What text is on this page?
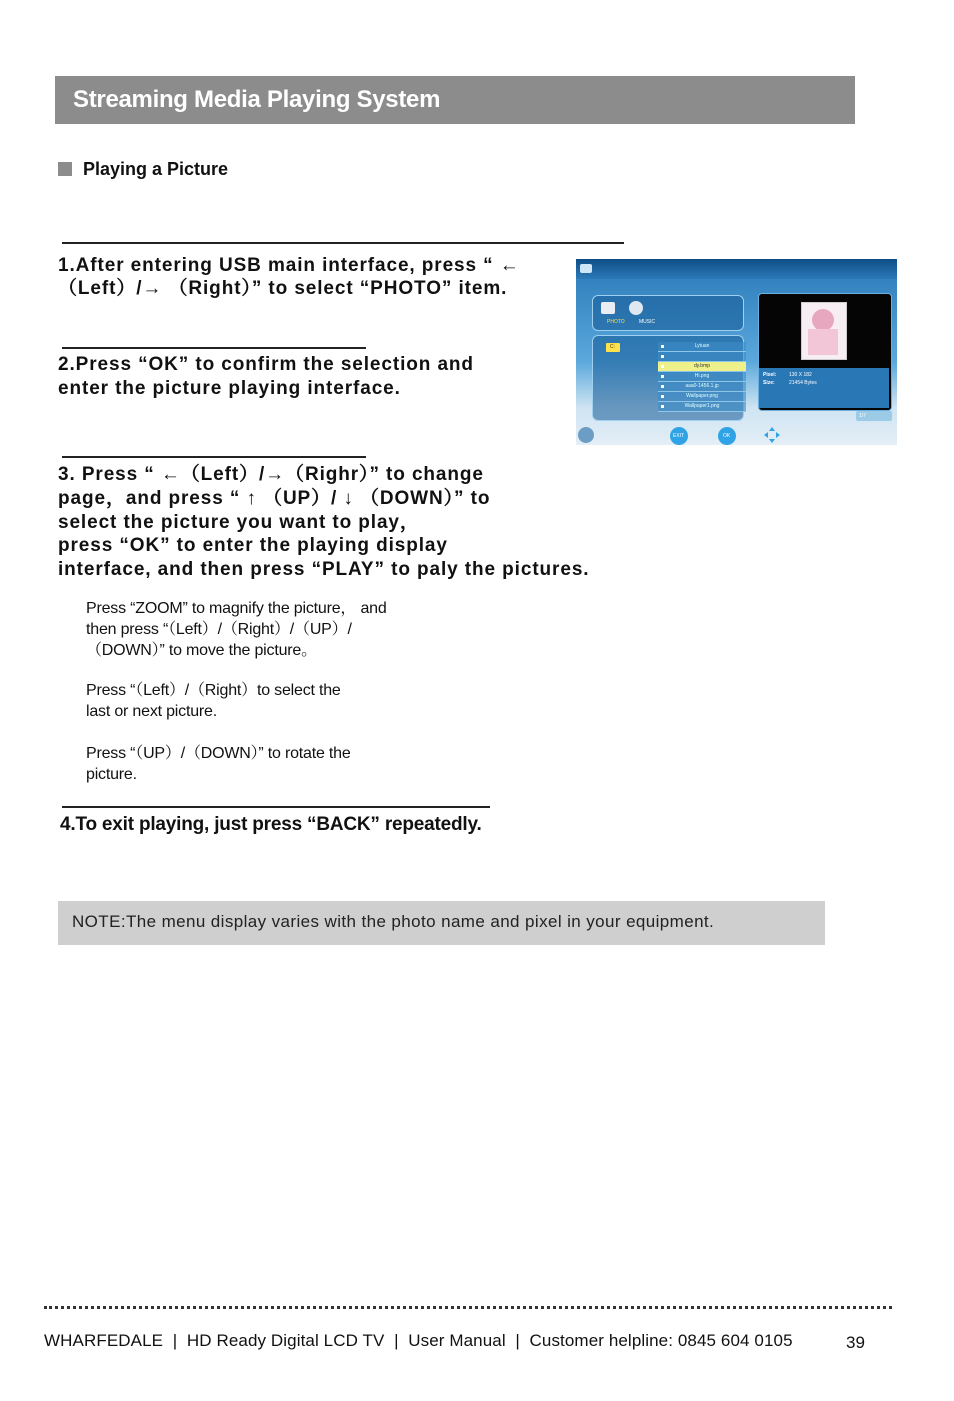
Streaming Media Playing System
Playing a Picture
1.After entering USB main interface, press “ ←
（Left）/→ （Right）” to select “PHOTO” item.
2.Press “OK” to confirm the selection and
enter the picture playing interface.
3. Press “ ←（Left）/→（Righr）” to change
page，and press “ ↑ （UP）/ ↓ （DOWN）” to
select the picture you want to play，
press “OK” to enter the playing display
interface, and then press “PLAY” to paly the pictures.
Press “ZOOM” to magnify the picture， and
then press “（Left）/（Right）/（UP）/
（DOWN）” to move the picture。
Press “（Left）/（Right）to select the
last or next picture.
Press “（UP）/（DOWN）” to rotate the
picture.
4.To exit playing, just press “BACK” repeatedly.
NOTE:The menu display varies with the photo name and pixel in your equipment.
PHOTO	MUSIC
C:	Lytuan
dy.bmp
Hi.png
aaa0-1456.1.jp
Wallpaper.png
Wallpaper1.png
Pixel:	130 X 182
Size:	21454 Bytes
1/7
EXIT	OK
WHARFEDALE  |  HD Ready Digital LCD TV  |  User Manual  |  Customer helpline: 0845 604 0105	39
